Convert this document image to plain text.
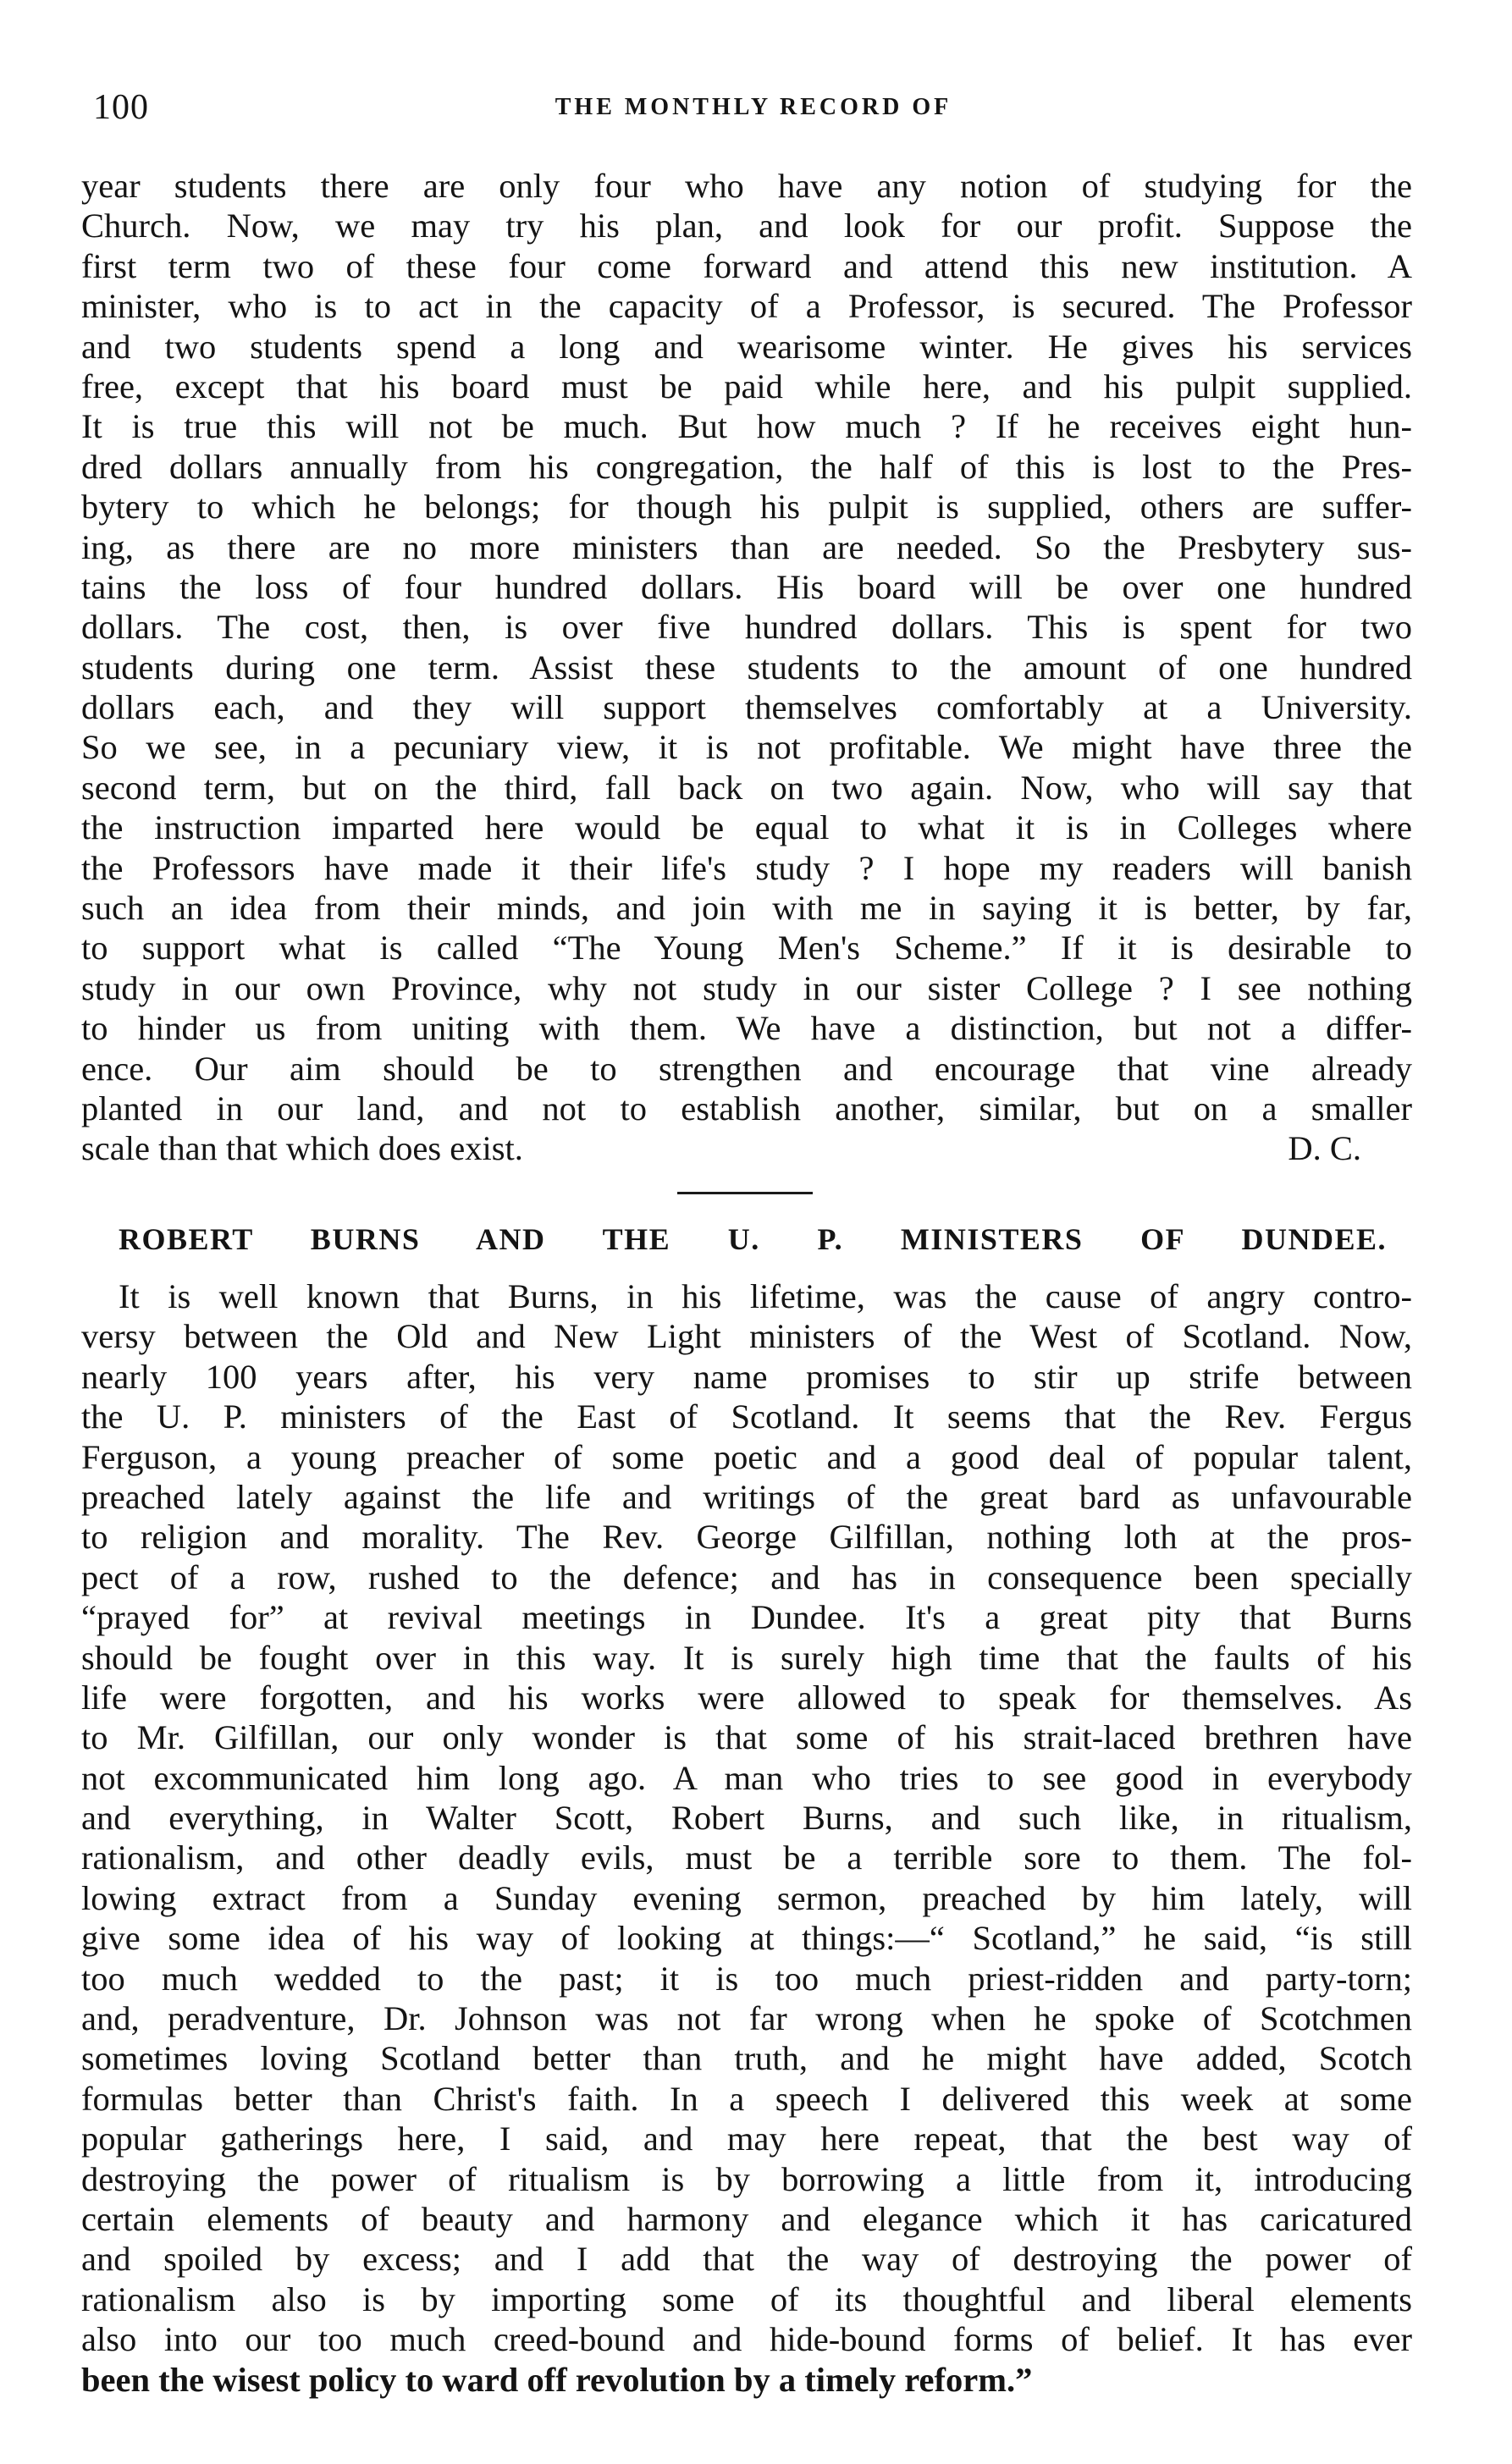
100	THE MONTHLY RECORD OF
year students there are only four who have any notion of studying for the
Church. Now, we may try his plan, and look for our profit. Suppose the
first term two of these four come forward and attend this new institution. A
minister, who is to act in the capacity of a Professor, is secured. The Professor
and two students spend a long and wearisome winter. He gives his services
free, except that his board must be paid while here, and his pulpit supplied.
It is true this will not be much. But how much ? If he receives eight hun-
dred dollars annually from his congregation, the half of this is lost to the Pres-
bytery to which he belongs; for though his pulpit is supplied, others are suffer-
ing, as there are no more ministers than are needed. So the Presbytery sus-
tains the loss of four hundred dollars. His board will be over one hundred
dollars. The cost, then, is over five hundred dollars. This is spent for two
students during one term. Assist these students to the amount of one hundred
dollars each, and they will support themselves comfortably at a University.
So we see, in a pecuniary view, it is not profitable. We might have three the
second term, but on the third, fall back on two again. Now, who will say that
the instruction imparted here would be equal to what it is in Colleges where
the Professors have made it their life's study ? I hope my readers will banish
such an idea from their minds, and join with me in saying it is better, by far,
to support what is called “The Young Men's Scheme.” If it is desirable to
study in our own Province, why not study in our sister College ? I see nothing
to hinder us from uniting with them. We have a distinction, but not a differ-
ence. Our aim should be to strengthen and encourage that vine already
planted in our land, and not to establish another, similar, but on a smaller
scale than that which does exist.	D. C.
ROBERT BURNS AND THE U. P. MINISTERS OF DUNDEE.
It is well known that Burns, in his lifetime, was the cause of angry contro-
versy between the Old and New Light ministers of the West of Scotland. Now,
nearly 100 years after, his very name promises to stir up strife between
the U. P. ministers of the East of Scotland. It seems that the Rev. Fergus
Ferguson, a young preacher of some poetic and a good deal of popular talent,
preached lately against the life and writings of the great bard as unfavourable
to religion and morality. The Rev. George Gilfillan, nothing loth at the pros-
pect of a row, rushed to the defence; and has in consequence been specially
“prayed for” at revival meetings in Dundee. It's a great pity that Burns
should be fought over in this way. It is surely high time that the faults of his
life were forgotten, and his works were allowed to speak for themselves. As
to Mr. Gilfillan, our only wonder is that some of his strait-laced brethren have
not excommunicated him long ago. A man who tries to see good in everybody
and everything, in Walter Scott, Robert Burns, and such like, in ritualism,
rationalism, and other deadly evils, must be a terrible sore to them. The fol-
lowing extract from a Sunday evening sermon, preached by him lately, will
give some idea of his way of looking at things:—“ Scotland,” he said, “is still
too much wedded to the past; it is too much priest-ridden and party-torn;
and, peradventure, Dr. Johnson was not far wrong when he spoke of Scotchmen
sometimes loving Scotland better than truth, and he might have added, Scotch
formulas better than Christ's faith. In a speech I delivered this week at some
popular gatherings here, I said, and may here repeat, that the best way of
destroying the power of ritualism is by borrowing a little from it, introducing
certain elements of beauty and harmony and elegance which it has caricatured
and spoiled by excess; and I add that the way of destroying the power of
rationalism also is by importing some of its thoughtful and liberal elements
also into our too much creed-bound and hide-bound forms of belief. It has ever
been the wisest policy to ward off revolution by a timely reform.”
